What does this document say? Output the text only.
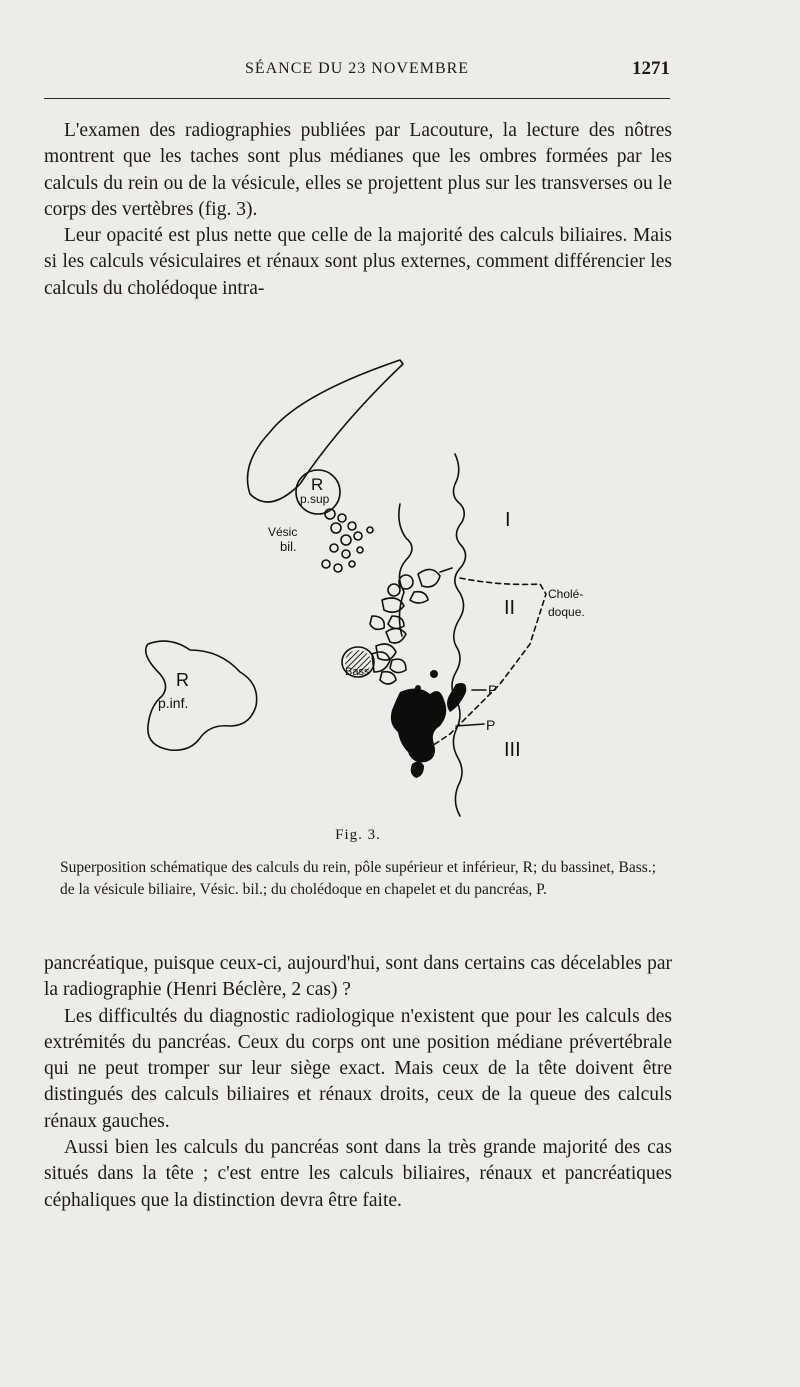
SÉANCE DU 23 NOVEMBRE	1271

L'examen des radiographies publiées par Lacouture, la lecture des nôtres montrent que les taches sont plus médianes que les ombres formées par les calculs du rein ou de la vésicule, elles se projettent plus sur les transverses ou le corps des vertèbres (fig. 3).

Leur opacité est plus nette que celle de la majorité des calculs biliaires. Mais si les calculs vésiculaires et rénaux sont plus externes, comment différencier les calculs du cholédoque intra-

R
p.sup
Vésic
bil.
I
II
III
Cholé-
doque.
Bass
R
p.inf.
P
P
Fig. 3.
Superposition schématique des calculs du rein, pôle supérieur et inférieur, R; du bassinet, Bass.; de la vésicule biliaire, Vésic. bil.; du cholédoque en chapelet et du pancréas, P.

pancréatique, puisque ceux-ci, aujourd'hui, sont dans certains cas décelables par la radiographie (Henri Béclère, 2 cas) ?

Les difficultés du diagnostic radiologique n'existent que pour les calculs des extrémités du pancréas. Ceux du corps ont une position médiane prévertébrale qui ne peut tromper sur leur siège exact. Mais ceux de la tête doivent être distingués des calculs biliaires et rénaux droits, ceux de la queue des calculs rénaux gauches.

Aussi bien les calculs du pancréas sont dans la très grande majorité des cas situés dans la tête ; c'est entre les calculs biliaires, rénaux et pancréatiques céphaliques que la distinction devra être faite.
